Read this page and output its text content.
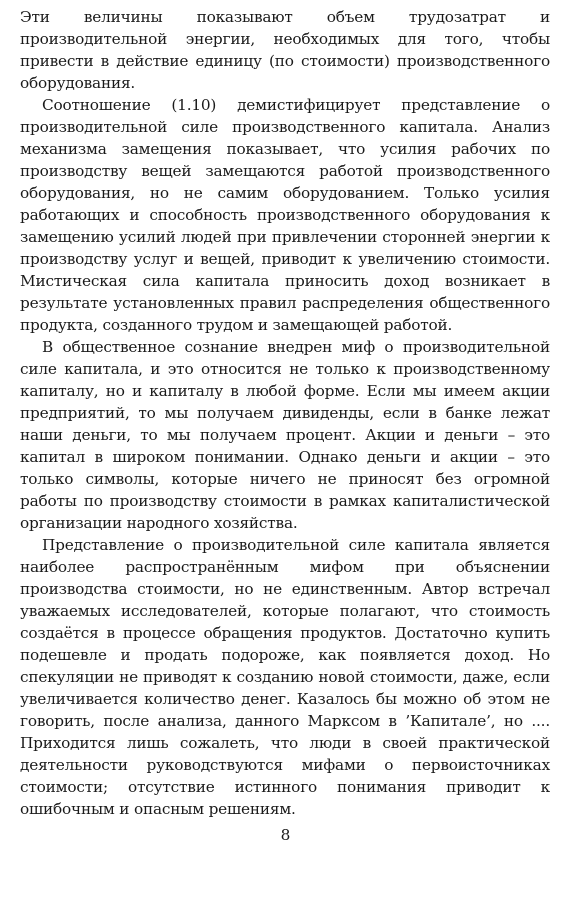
Эти величины показывают объем трудозатрат и производительной энергии, необходимых для того, чтобы привести в действие единицу (по стоимости) производственного оборудования.

Соотношение (1.10) демистифицирует представление о производительной силе производственного капитала. Анализ механизма замещения показывает, что усилия рабочих по производству вещей замещаются работой производственного оборудования, но не самим оборудованием. Только усилия работающих и способность производственного оборудования к замещению усилий людей при привлечении сторонней энергии к производству услуг и вещей, приводит к увеличению стоимости. Мистическая сила капитала приносить доход возникает в результате установленных правил распределения общественного продукта, созданного трудом и замещающей работой.

В общественное сознание внедрен миф о производительной силе капитала, и это относится не только к производственному капиталу, но и капиталу в любой форме. Если мы имеем акции предприятий, то мы получаем дивиденды, если в банке лежат наши деньги, то мы получаем процент. Акции и деньги – это капитал в широком понимании. Однако деньги и акции – это только символы, которые ничего не приносят без огромной работы по производству стоимости в рамках капиталистической организации народного хозяйства.

Представление о производительной силе капитала является наиболее распространённым мифом при объяснении производства стоимости, но не единственным. Автор встречал уважаемых исследователей, которые полагают, что стоимость создаётся в процессе обращения продуктов. Достаточно купить подешевле и продать подороже, как появляется доход. Но спекуляции не приводят к созданию новой стоимости, даже, если увеличивается количество денег. Казалось бы можно об этом не говорить, после анализа, данного Марксом в ’Капитале’, но .... Приходится лишь сожалеть, что люди в своей практической деятельности руководствуются мифами о первоисточниках стоимости; отсутствие истинного понимания приводит к ошибочным и опасным решениям.

8
